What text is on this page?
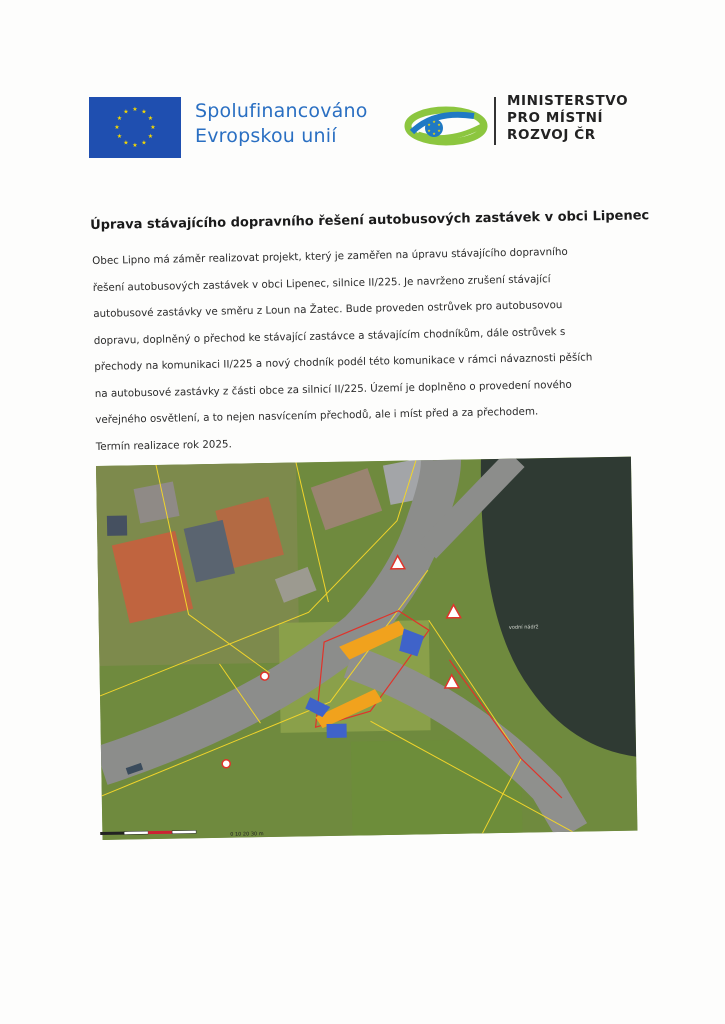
★ ★
★
★
★
★
★
★
★
★
★
★	Spolufinancováno
Evropskou unií
★
★
★
★
★
★
MINISTERSTVO
PRO MÍSTNÍ
ROZVOJ ČR
Úprava stávajícího dopravního řešení autobusových zastávek v obci Lipenec
Obec Lipno má záměr realizovat projekt, který je zaměřen na úpravu stávajícího dopravního
řešení autobusových zastávek v obci Lipenec, silnice II/225. Je navrženo zrušení stávající
autobusové zastávky ve směru z Loun na Žatec. Bude proveden ostrůvek pro autobusovou
dopravu, doplněný o přechod ke stávající zastávce a stávajícím chodníkům, dále ostrůvek s
přechody na komunikaci II/225 a nový chodník podél této komunikace v rámci návaznosti pěších
na autobusové zastávky z části obce za silnicí II/225. Území je doplněno o provedení nového
veřejného osvětlení, a to nejen nasvícením přechodů, ale i míst před a za přechodem.
Termín realizace rok 2025.
vodní nádrž
0 10 20 30 m
